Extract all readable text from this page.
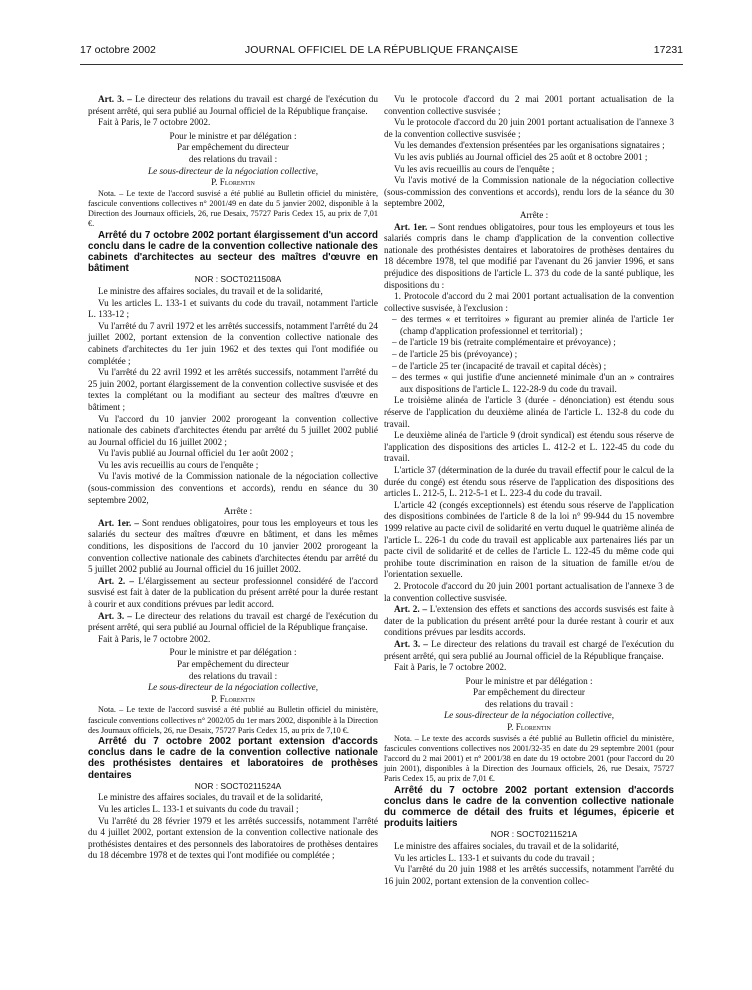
17 octobre 2002	JOURNAL OFFICIEL DE LA RÉPUBLIQUE FRANÇAISE	17231

Art. 3. – Le directeur des relations du travail est chargé de l'exécution du présent arrêté, qui sera publié au Journal officiel de la République française.

Fait à Paris, le 7 octobre 2002.

Pour le ministre et par délégation :
Par empêchement du directeur
des relations du travail :
Le sous-directeur de la négociation collective,
P. Florentin

Nota. – Le texte de l'accord susvisé a été publié au Bulletin officiel du ministère, fascicule conventions collectives n° 2001/49 en date du 5 janvier 2002, disponible à la Direction des Journaux officiels, 26, rue Desaix, 75727 Paris Cedex 15, au prix de 7,01 €.

Arrêté du 7 octobre 2002 portant élargissement d'un accord conclu dans le cadre de la convention collective nationale des cabinets d'architectes au secteur des maîtres d'œuvre en bâtiment

NOR : SOCT0211508A

Le ministre des affaires sociales, du travail et de la solidarité,

Vu les articles L. 133-1 et suivants du code du travail, notamment l'article L. 133-12 ;

Vu l'arrêté du 7 avril 1972 et les arrêtés successifs, notamment l'arrêté du 24 juillet 2002, portant extension de la convention collective nationale des cabinets d'architectes du 1er juin 1962 et des textes qui l'ont modifiée ou complétée ;

Vu l'arrêté du 22 avril 1992 et les arrêtés successifs, notamment l'arrêté du 25 juin 2002, portant élargissement de la convention collective susvisée et des textes la complétant ou la modifiant au secteur des maîtres d'œuvre en bâtiment ;

Vu l'accord du 10 janvier 2002 prorogeant la convention collective nationale des cabinets d'architectes étendu par arrêté du 5 juillet 2002 publié au Journal officiel du 16 juillet 2002 ;

Vu l'avis publié au Journal officiel du 1er août 2002 ;

Vu les avis recueillis au cours de l'enquête ;

Vu l'avis motivé de la Commission nationale de la négociation collective (sous-commission des conventions et accords), rendu en séance du 30 septembre 2002,

Arrête :

Art. 1er. – Sont rendues obligatoires, pour tous les employeurs et tous les salariés du secteur des maîtres d'œuvre en bâtiment, et dans les mêmes conditions, les dispositions de l'accord du 10 janvier 2002 prorogeant la convention collective nationale des cabinets d'architectes étendu par arrêté du 5 juillet 2002 publié au Journal officiel du 16 juillet 2002.

Art. 2. – L'élargissement au secteur professionnel considéré de l'accord susvisé est fait à dater de la publication du présent arrêté pour la durée restant à courir et aux conditions prévues par ledit accord.

Art. 3. – Le directeur des relations du travail est chargé de l'exécution du présent arrêté, qui sera publié au Journal officiel de la République française.

Fait à Paris, le 7 octobre 2002.

Pour le ministre et par délégation :
Par empêchement du directeur
des relations du travail :
Le sous-directeur de la négociation collective,
P. Florentin

Nota. – Le texte de l'accord susvisé a été publié au Bulletin officiel du ministère, fascicule conventions collectives n° 2002/05 du 1er mars 2002, disponible à la Direction des Journaux officiels, 26, rue Desaix, 75727 Paris Cedex 15, au prix de 7,10 €.

Arrêté du 7 octobre 2002 portant extension d'accords conclus dans le cadre de la convention collective nationale des prothésistes dentaires et laboratoires de prothèses dentaires

NOR : SOCT0211524A

Le ministre des affaires sociales, du travail et de la solidarité,

Vu les articles L. 133-1 et suivants du code du travail ;

Vu l'arrêté du 28 février 1979 et les arrêtés successifs, notamment l'arrêté du 4 juillet 2002, portant extension de la convention collective nationale des prothésistes dentaires et des personnels des laboratoires de prothèses dentaires du 18 décembre 1978 et de textes qui l'ont modifiée ou complétée ;

Vu le protocole d'accord du 2 mai 2001 portant actualisation de la convention collective susvisée ;

Vu le protocole d'accord du 20 juin 2001 portant actualisation de l'annexe 3 de la convention collective susvisée ;

Vu les demandes d'extension présentées par les organisations signataires ;

Vu les avis publiés au Journal officiel des 25 août et 8 octobre 2001 ;

Vu les avis recueillis au cours de l'enquête ;

Vu l'avis motivé de la Commission nationale de la négociation collective (sous-commission des conventions et accords), rendu lors de la séance du 30 septembre 2002,

Arrête :

Art. 1er. – Sont rendues obligatoires, pour tous les employeurs et tous les salariés compris dans le champ d'application de la convention collective nationale des prothésistes dentaires et laboratoires de prothèses dentaires du 18 décembre 1978, tel que modifié par l'avenant du 26 janvier 1996, et sans préjudice des dispositions de l'article L. 373 du code de la santé publique, les dispositions du :

1. Protocole d'accord du 2 mai 2001 portant actualisation de la convention collective susvisée, à l'exclusion :

– des termes « et territoires » figurant au premier alinéa de l'article 1er (champ d'application professionnel et territorial) ;
– de l'article 19 bis (retraite complémentaire et prévoyance) ;
– de l'article 25 bis (prévoyance) ;
– de l'article 25 ter (incapacité de travail et capital décès) ;
– des termes « qui justifie d'une ancienneté minimale d'un an » contraires aux dispositions de l'article L. 122-28-9 du code du travail.

Le troisième alinéa de l'article 3 (durée - dénonciation) est étendu sous réserve de l'application du deuxième alinéa de l'article L. 132-8 du code du travail.

Le deuxième alinéa de l'article 9 (droit syndical) est étendu sous réserve de l'application des dispositions des articles L. 412-2 et L. 122-45 du code du travail.

L'article 37 (détermination de la durée du travail effectif pour le calcul de la durée du congé) est étendu sous réserve de l'application des dispositions des articles L. 212-5, L. 212-5-1 et L. 223-4 du code du travail.

L'article 42 (congés exceptionnels) est étendu sous réserve de l'application des dispositions combinées de l'article 8 de la loi n° 99-944 du 15 novembre 1999 relative au pacte civil de solidarité en vertu duquel le quatrième alinéa de l'article L. 226-1 du code du travail est applicable aux partenaires liés par un pacte civil de solidarité et de celles de l'article L. 122-45 du même code qui prohibe toute discrimination en raison de la situation de famille et/ou de l'orientation sexuelle.

2. Protocole d'accord du 20 juin 2001 portant actualisation de l'annexe 3 de la convention collective susvisée.

Art. 2. – L'extension des effets et sanctions des accords susvisés est faite à dater de la publication du présent arrêté pour la durée restant à courir et aux conditions prévues par lesdits accords.

Art. 3. – Le directeur des relations du travail est chargé de l'exécution du présent arrêté, qui sera publié au Journal officiel de la République française.

Fait à Paris, le 7 octobre 2002.

Pour le ministre et par délégation :
Par empêchement du directeur
des relations du travail :
Le sous-directeur de la négociation collective,
P. Florentin

Nota. – Le texte des accords susvisés a été publié au Bulletin officiel du ministère, fascicules conventions collectives nos 2001/32-35 en date du 29 septembre 2001 (pour l'accord du 2 mai 2001) et n° 2001/38 en date du 19 octobre 2001 (pour l'accord du 20 juin 2001), disponibles à la Direction des Journaux officiels, 26, rue Desaix, 75727 Paris Cedex 15, au prix de 7,01 €.

Arrêté du 7 octobre 2002 portant extension d'accords conclus dans le cadre de la convention collective nationale du commerce de détail des fruits et légumes, épicerie et produits laitiers

NOR : SOCT0211521A

Le ministre des affaires sociales, du travail et de la solidarité,

Vu les articles L. 133-1 et suivants du code du travail ;

Vu l'arrêté du 20 juin 1988 et les arrêtés successifs, notamment l'arrêté du 16 juin 2002, portant extension de la convention collec-
